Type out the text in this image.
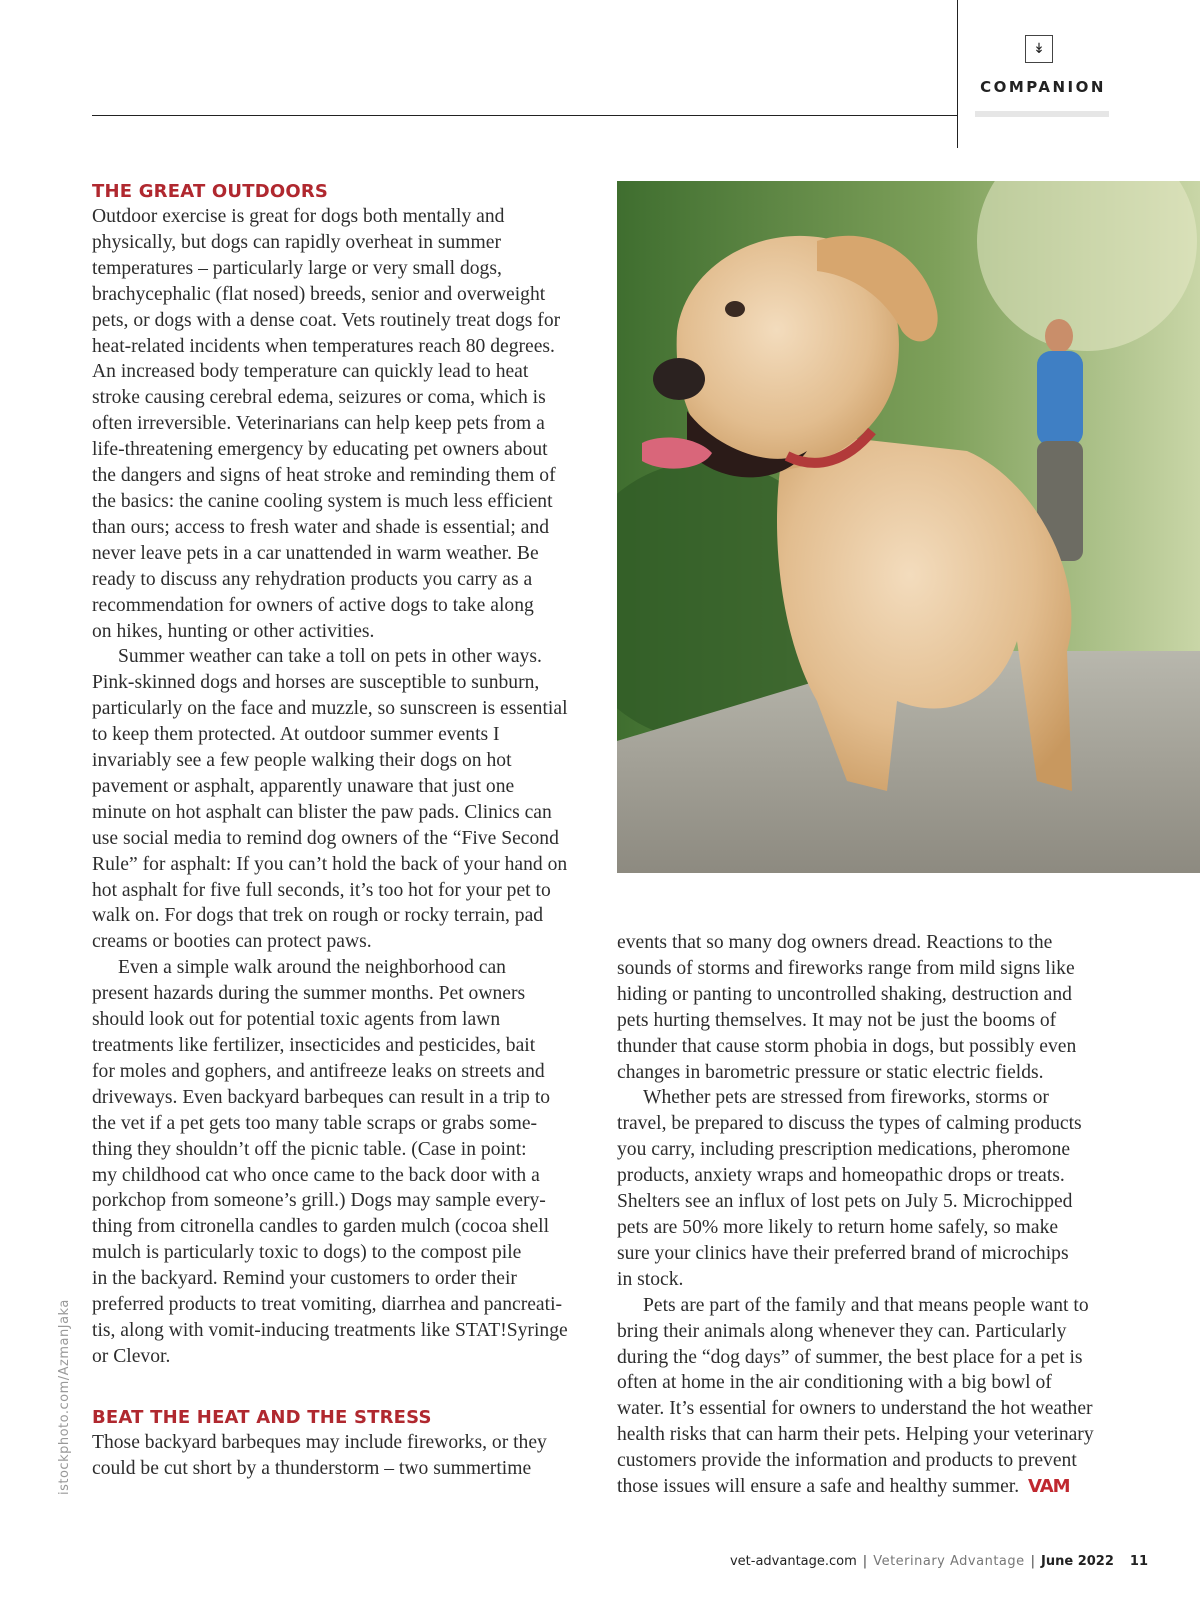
↡
COMPANION
THE GREAT OUTDOORS
Outdoor exercise is great for dogs both mentally and
physically, but dogs can rapidly overheat in summer
temperatures – particularly large or very small dogs,
brachycephalic (flat nosed) breeds, senior and overweight
pets, or dogs with a dense coat. Vets routinely treat dogs for
heat-related incidents when temperatures reach 80 degrees.
An increased body temperature can quickly lead to heat
stroke causing cerebral edema, seizures or coma, which is
often irreversible. Veterinarians can help keep pets from a
life-threatening emergency by educating pet owners about
the dangers and signs of heat stroke and reminding them of
the basics: the canine cooling system is much less efficient
than ours; access to fresh water and shade is essential; and
never leave pets in a car unattended in warm weather. Be
ready to discuss any rehydration products you carry as a
recommendation for owners of active dogs to take along
on hikes, hunting or other activities.
Summer weather can take a toll on pets in other ways.
Pink-skinned dogs and horses are susceptible to sunburn,
particularly on the face and muzzle, so sunscreen is essential
to keep them protected. At outdoor summer events I
invariably see a few people walking their dogs on hot
pavement or asphalt, apparently unaware that just one
minute on hot asphalt can blister the paw pads. Clinics can
use social media to remind dog owners of the “Five Second
Rule” for asphalt: If you can’t hold the back of your hand on
hot asphalt for five full seconds, it’s too hot for your pet to
walk on. For dogs that trek on rough or rocky terrain, pad
creams or booties can protect paws.
Even a simple walk around the neighborhood can
present hazards during the summer months. Pet owners
should look out for potential toxic agents from lawn
treatments like fertilizer, insecticides and pesticides, bait
for moles and gophers, and antifreeze leaks on streets and
driveways. Even backyard barbeques can result in a trip to
the vet if a pet gets too many table scraps or grabs some-
thing they shouldn’t off the picnic table. (Case in point:
my childhood cat who once came to the back door with a
porkchop from someone’s grill.) Dogs may sample every-
thing from citronella candles to garden mulch (cocoa shell
mulch is particularly toxic to dogs) to the compost pile
in the backyard. Remind your customers to order their
preferred products to treat vomiting, diarrhea and pancreati-
tis, along with vomit-inducing treatments like STAT!Syringe
or Clevor.
BEAT THE HEAT AND THE STRESS
Those backyard barbeques may include fireworks, or they
could be cut short by a thunderstorm – two summertime
events that so many dog owners dread. Reactions to the
sounds of storms and fireworks range from mild signs like
hiding or panting to uncontrolled shaking, destruction and
pets hurting themselves. It may not be just the booms of
thunder that cause storm phobia in dogs, but possibly even
changes in barometric pressure or static electric fields.
Whether pets are stressed from fireworks, storms or
travel, be prepared to discuss the types of calming products
you carry, including prescription medications, pheromone
products, anxiety wraps and homeopathic drops or treats.
Shelters see an influx of lost pets on July 5. Microchipped
pets are 50% more likely to return home safely, so make
sure your clinics have their preferred brand of microchips
in stock.
Pets are part of the family and that means people want to
bring their animals along whenever they can. Particularly
during the “dog days” of summer, the best place for a pet is
often at home in the air conditioning with a big bowl of
water. It’s essential for owners to understand the hot weather
health risks that can harm their pets. Helping your veterinary
customers provide the information and products to prevent
those issues will ensure a safe and healthy summer. VAM
istockphoto.com/AzmanJaka
vet-advantage.com | Veterinary Advantage | June 2022 11
